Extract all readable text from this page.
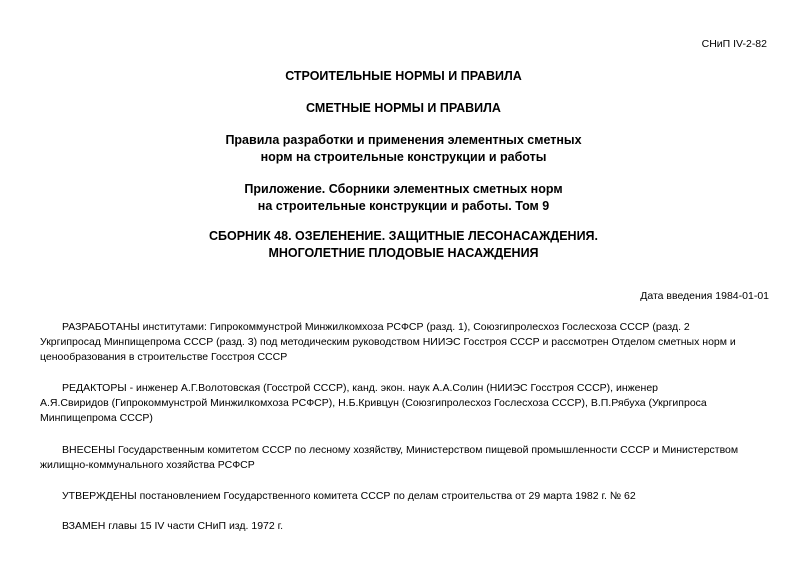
СНиП IV-2-82
СТРОИТЕЛЬНЫЕ НОРМЫ И ПРАВИЛА
СМЕТНЫЕ НОРМЫ И ПРАВИЛА
Правила разработки и применения элементных сметных
норм на строительные конструкции и работы
Приложение. Сборники элементных сметных норм
на строительные конструкции и работы. Том 9
СБОРНИК 48. ОЗЕЛЕНЕНИЕ. ЗАЩИТНЫЕ ЛЕСОНАСАЖДЕНИЯ.
МНОГОЛЕТНИЕ ПЛОДОВЫЕ НАСАЖДЕНИЯ
Дата введения 1984-01-01
РАЗРАБОТАНЫ институтами: Гипрокоммунстрой Минжилкомхоза РСФСР (разд. 1), Союзгипролесхоз Гослесхоза СССР (разд. 2
Укргипросад Минпищепрома СССР (разд. 3) под методическим руководством НИИЭС Госстроя СССР и рассмотрен Отделом сметных норм и
ценообразования в строительстве Госстроя СССР
РЕДАКТОРЫ - инженер А.Г.Волотовская (Госстрой СССР), канд. экон. наук А.А.Солин (НИИЭС Госстроя СССР), инженер
А.Я.Свиридов (Гипрокоммунстрой Минжилкомхоза РСФСР), Н.Б.Кривцун (Союзгипролесхоз Гослесхоза СССР), В.П.Рябуха (Укргипроса
Минпищепрома СССР)
ВНЕСЕНЫ Государственным комитетом СССР по лесному хозяйству, Министерством пищевой промышленности СССР и Министерством
жилищно-коммунального хозяйства РСФСР
УТВЕРЖДЕНЫ постановлением Государственного комитета СССР по делам строительства от 29 марта 1982 г. № 62
ВЗАМЕН главы 15 IV части СНиП изд. 1972 г.
